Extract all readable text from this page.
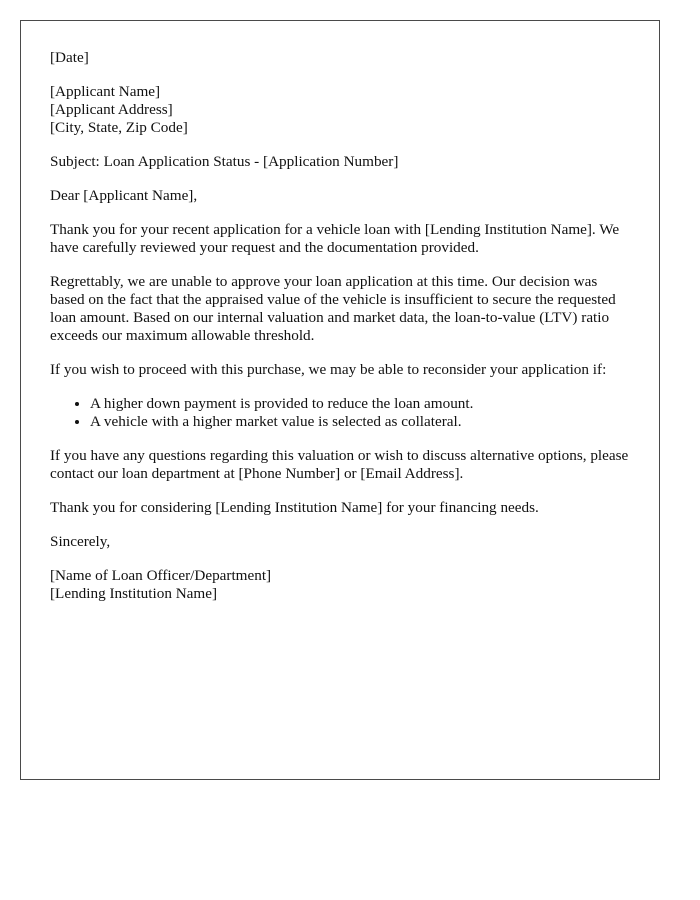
[Date]

[Applicant Name]
[Applicant Address]
[City, State, Zip Code]

Subject: Loan Application Status - [Application Number]

Dear [Applicant Name],

Thank you for your recent application for a vehicle loan with [Lending Institution Name]. We have carefully reviewed your request and the documentation provided.

Regrettably, we are unable to approve your loan application at this time. Our decision was based on the fact that the appraised value of the vehicle is insufficient to secure the requested loan amount. Based on our internal valuation and market data, the loan-to-value (LTV) ratio exceeds our maximum allowable threshold.

If you wish to proceed with this purchase, we may be able to reconsider your application if:

• A higher down payment is provided to reduce the loan amount.
• A vehicle with a higher market value is selected as collateral.

If you have any questions regarding this valuation or wish to discuss alternative options, please contact our loan department at [Phone Number] or [Email Address].

Thank you for considering [Lending Institution Name] for your financing needs.

Sincerely,

[Name of Loan Officer/Department]
[Lending Institution Name]
